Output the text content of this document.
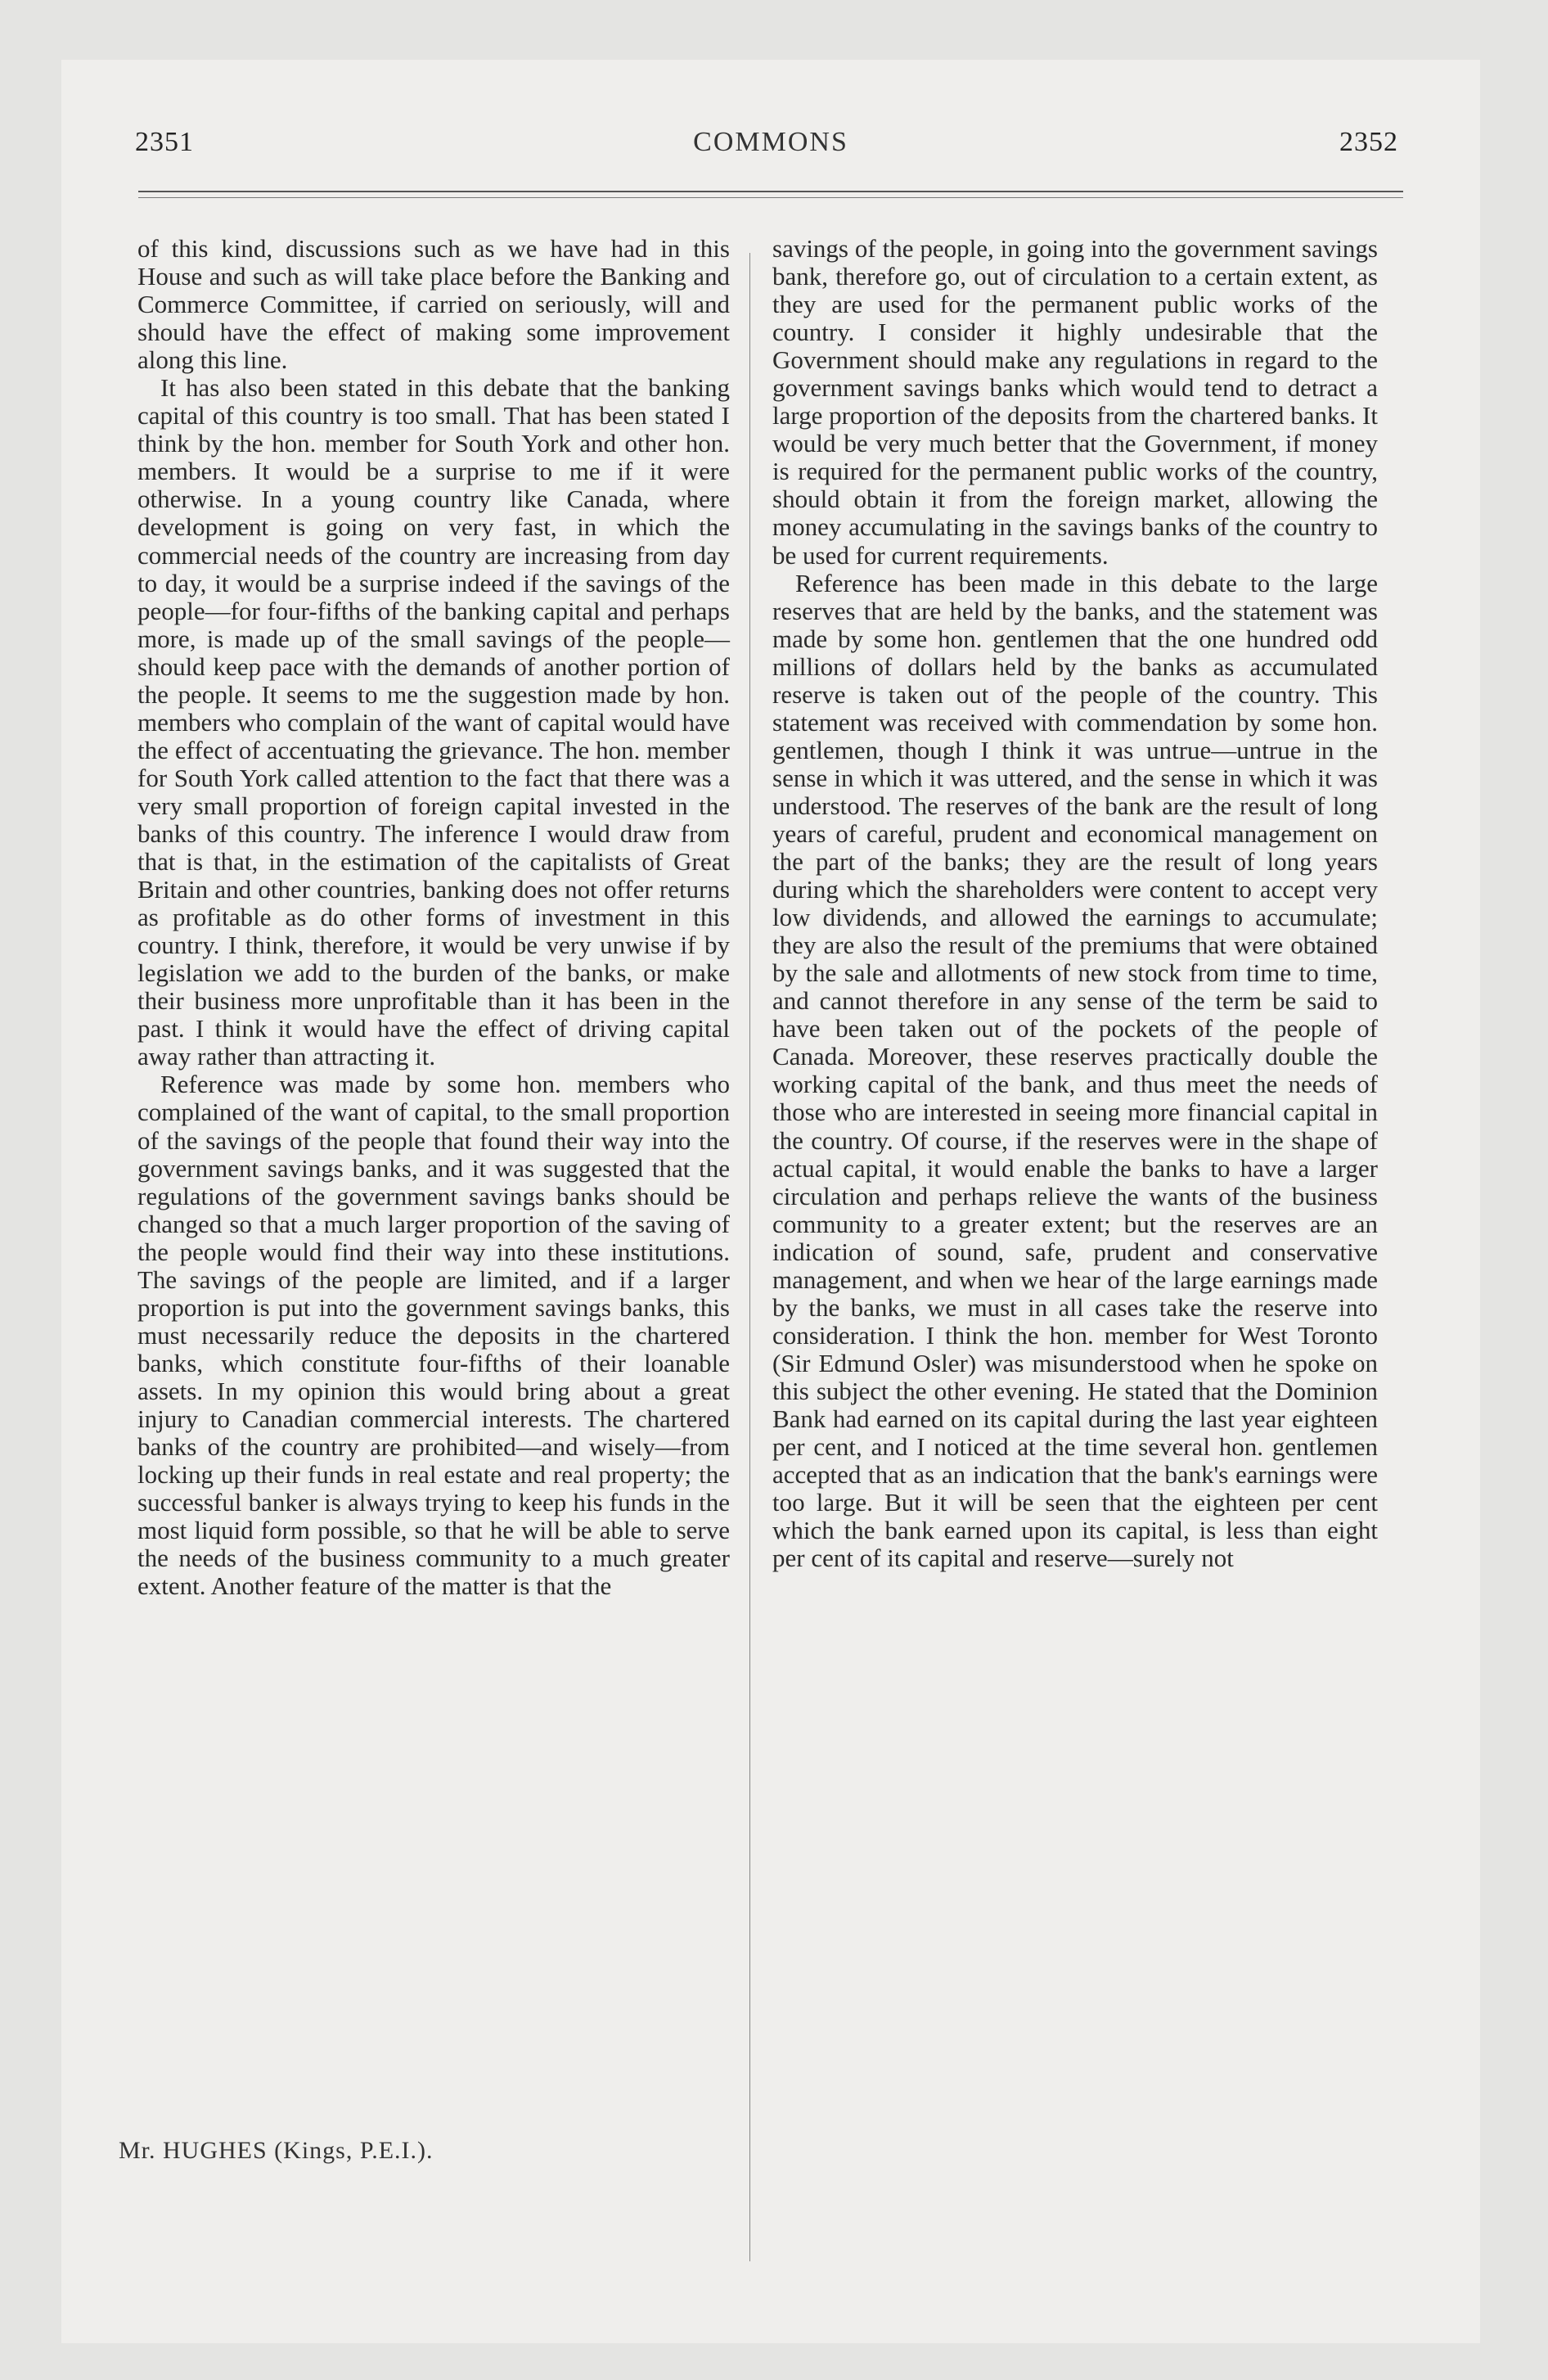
2351	COMMONS	2352

of this kind, discussions such as we have had in this House and such as will take place before the Banking and Commerce Committee, if carried on seriously, will and should have the effect of making some improvement along this line.

It has also been stated in this debate that the banking capital of this country is too small. That has been stated I think by the hon. member for South York and other hon. members. It would be a surprise to me if it were otherwise. In a young country like Canada, where development is going on very fast, in which the commercial needs of the country are increasing from day to day, it would be a surprise indeed if the savings of the people—for four-fifths of the banking capital and perhaps more, is made up of the small savings of the people—should keep pace with the demands of another portion of the people. It seems to me the suggestion made by hon. members who complain of the want of capital would have the effect of accentuating the grievance. The hon. member for South York called attention to the fact that there was a very small proportion of foreign capital invested in the banks of this country. The inference I would draw from that is that, in the estimation of the capitalists of Great Britain and other countries, banking does not offer returns as profitable as do other forms of investment in this country. I think, therefore, it would be very unwise if by legislation we add to the burden of the banks, or make their business more unprofitable than it has been in the past. I think it would have the effect of driving capital away rather than attracting it.

Reference was made by some hon. members who complained of the want of capital, to the small proportion of the savings of the people that found their way into the government savings banks, and it was suggested that the regulations of the government savings banks should be changed so that a much larger proportion of the saving of the people would find their way into these institutions. The savings of the people are limited, and if a larger proportion is put into the government savings banks, this must necessarily reduce the deposits in the chartered banks, which constitute four-fifths of their loanable assets. In my opinion this would bring about a great injury to Canadian commercial interests. The chartered banks of the country are prohibited—and wisely—from locking up their funds in real estate and real property; the successful banker is always trying to keep his funds in the most liquid form possible, so that he will be able to serve the needs of the business community to a much greater extent. Another feature of the matter is that the

savings of the people, in going into the government savings bank, therefore go, out of circulation to a certain extent, as they are used for the permanent public works of the country. I consider it highly undesirable that the Government should make any regulations in regard to the government savings banks which would tend to detract a large proportion of the deposits from the chartered banks. It would be very much better that the Government, if money is required for the permanent public works of the country, should obtain it from the foreign market, allowing the money accumulating in the savings banks of the country to be used for current requirements.

Reference has been made in this debate to the large reserves that are held by the banks, and the statement was made by some hon. gentlemen that the one hundred odd millions of dollars held by the banks as accumulated reserve is taken out of the people of the country. This statement was received with commendation by some hon. gentlemen, though I think it was untrue—untrue in the sense in which it was uttered, and the sense in which it was understood. The reserves of the bank are the result of long years of careful, prudent and economical management on the part of the banks; they are the result of long years during which the shareholders were content to accept very low dividends, and allowed the earnings to accumulate; they are also the result of the premiums that were obtained by the sale and allotments of new stock from time to time, and cannot therefore in any sense of the term be said to have been taken out of the pockets of the people of Canada. Moreover, these reserves practically double the working capital of the bank, and thus meet the needs of those who are interested in seeing more financial capital in the country. Of course, if the reserves were in the shape of actual capital, it would enable the banks to have a larger circulation and perhaps relieve the wants of the business community to a greater extent; but the reserves are an indication of sound, safe, prudent and conservative management, and when we hear of the large earnings made by the banks, we must in all cases take the reserve into consideration. I think the hon. member for West Toronto (Sir Edmund Osler) was misunderstood when he spoke on this subject the other evening. He stated that the Dominion Bank had earned on its capital during the last year eighteen per cent, and I noticed at the time several hon. gentlemen accepted that as an indication that the bank's earnings were too large. But it will be seen that the eighteen per cent which the bank earned upon its capital, is less than eight per cent of its capital and reserve—surely not

Mr. HUGHES (Kings, P.E.I.).
